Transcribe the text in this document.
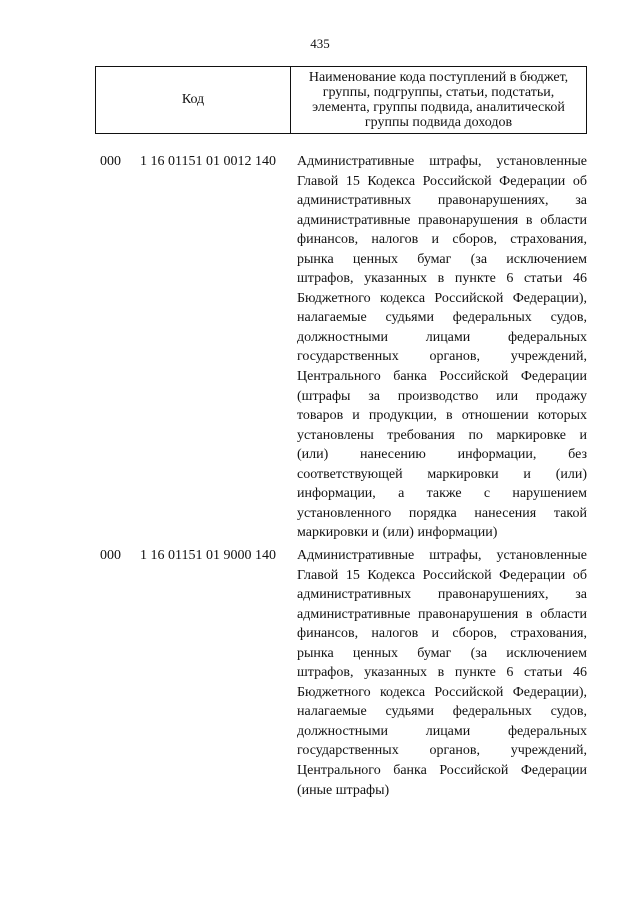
435
Код
Наименование кода поступлений в бюджет, группы, подгруппы, статьи, подстатьи, элемента, группы подвида, аналитической группы подвида доходов
000 1 16 01151 01 0012 140 Административные штрафы, установленные
Главой 15 Кодекса Российской Федерации об
административных правонарушениях, за
административные правонарушения в области
финансов, налогов и сборов, страхования,
рынка ценных бумаг (за исключением
штрафов, указанных в пункте 6 статьи 46
Бюджетного кодекса Российской Федерации),
налагаемые судьями федеральных судов,
должностными лицами федеральных
государственных органов, учреждений,
Центрального банка Российской Федерации
(штрафы за производство или продажу
товаров и продукции, в отношении которых
установлены требования по маркировке и
(или) нанесению информации, без
соответствующей маркировки и (или)
информации, а также с нарушением
установленного порядка нанесения такой
маркировки и (или) информации)
000 1 16 01151 01 9000 140 Административные штрафы, установленные
Главой 15 Кодекса Российской Федерации об
административных правонарушениях, за
административные правонарушения в области
финансов, налогов и сборов, страхования,
рынка ценных бумаг (за исключением
штрафов, указанных в пункте 6 статьи 46
Бюджетного кодекса Российской Федерации),
налагаемые судьями федеральных судов,
должностными лицами федеральных
государственных органов, учреждений,
Центрального банка Российской Федерации
(иные штрафы)
